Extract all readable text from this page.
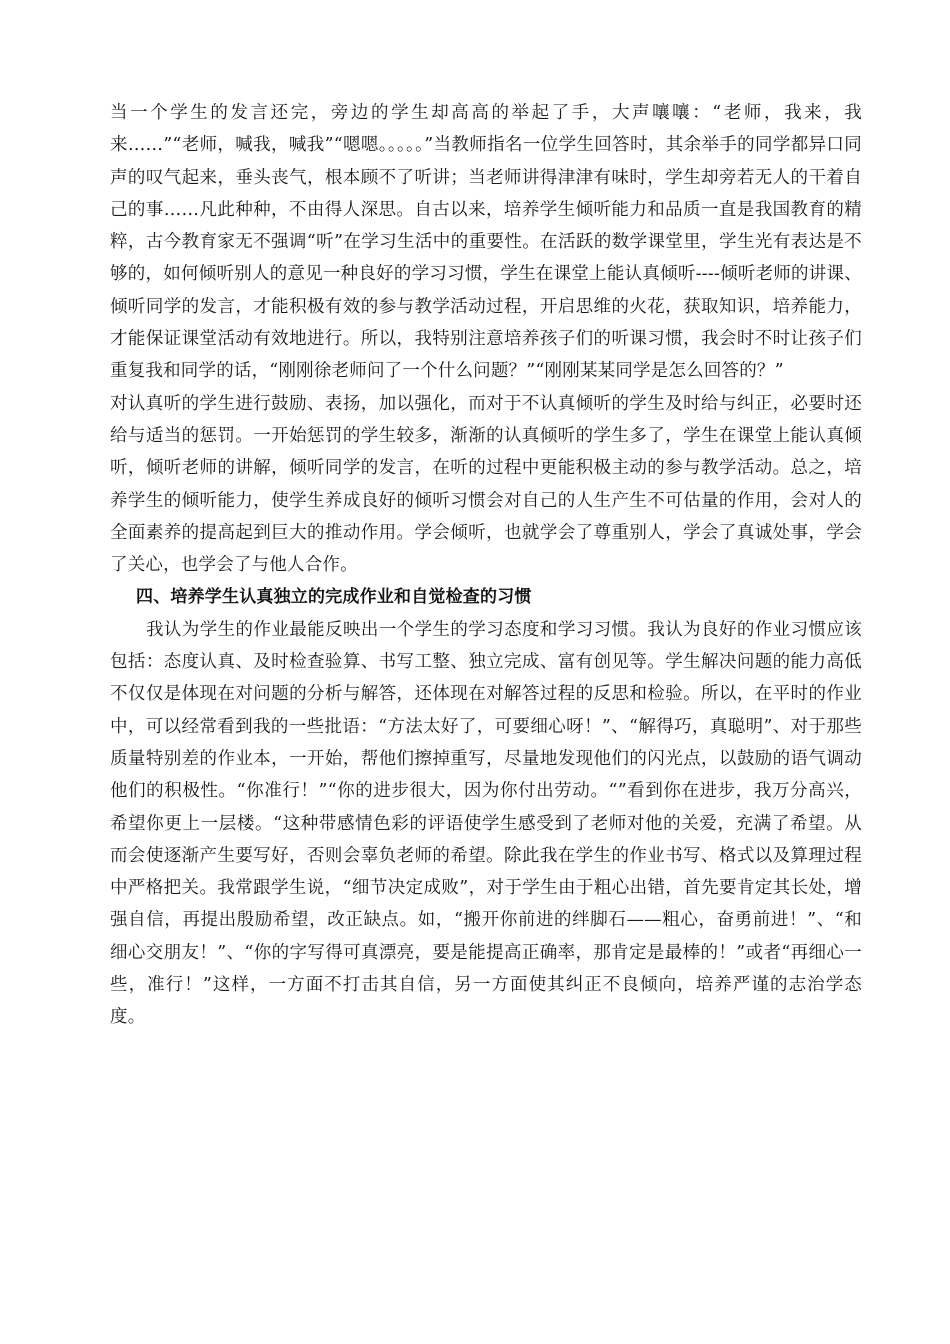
当一个学生的发言还完，旁边的学生却高高的举起了手，大声嚷嚷：“老师，我来，我来……”“老师，喊我，喊我”“嗯嗯。。。。。”当教师指名一位学生回答时，其余举手的同学都异口同声的叹气起来，垂头丧气，根本顾不了听讲；当老师讲得津津有味时，学生却旁若无人的干着自己的事……凡此种种，不由得人深思。自古以来，培养学生倾听能力和品质一直是我国教育的精粹，古今教育家无不强调“听”在学习生活中的重要性。在活跃的数学课堂里，学生光有表达是不够的，如何倾听别人的意见一种良好的学习习惯，学生在课堂上能认真倾听----倾听老师的讲课、倾听同学的发言，才能积极有效的参与教学活动过程，开启思维的火花，获取知识，培养能力，才能保证课堂活动有效地进行。所以，我特别注意培养孩子们的听课习惯，我会时不时让孩子们重复我和同学的话，“刚刚徐老师问了一个什么问题？”“刚刚某某同学是怎么回答的？”

对认真听的学生进行鼓励、表扬，加以强化，而对于不认真倾听的学生及时给与纠正，必要时还给与适当的惩罚。一开始惩罚的学生较多，渐渐的认真倾听的学生多了，学生在课堂上能认真倾听，倾听老师的讲解，倾听同学的发言，在听的过程中更能积极主动的参与教学活动。总之，培养学生的倾听能力，使学生养成良好的倾听习惯会对自己的人生产生不可估量的作用，会对人的全面素养的提高起到巨大的推动作用。学会倾听，也就学会了尊重别人，学会了真诚处事，学会了关心，也学会了与他人合作。

四、培养学生认真独立的完成作业和自觉检查的习惯

我认为学生的作业最能反映出一个学生的学习态度和学习习惯。我认为良好的作业习惯应该包括：态度认真、及时检查验算、书写工整、独立完成、富有创见等。学生解决问题的能力高低不仅仅是体现在对问题的分析与解答，还体现在对解答过程的反思和检验。所以，在平时的作业中，可以经常看到我的一些批语：“方法太好了，可要细心呀！”、“解得巧，真聪明”、对于那些质量特别差的作业本，一开始，帮他们擦掉重写，尽量地发现他们的闪光点，以鼓励的语气调动他们的积极性。“你准行！”“你的进步很大，因为你付出劳动。“”看到你在进步，我万分高兴，希望你更上一层楼。“这种带感情色彩的评语使学生感受到了老师对他的关爱，充满了希望。从而会使逐渐产生要写好，否则会辜负老师的希望。除此我在学生的作业书写、格式以及算理过程中严格把关。我常跟学生说，“细节决定成败”，对于学生由于粗心出错，首先要肯定其长处，增强自信，再提出殷励希望，改正缺点。如，“搬开你前进的绊脚石——粗心，奋勇前进！”、“和细心交朋友！”、“你的字写得可真漂亮，要是能提高正确率，那肯定是最棒的！”或者“再细心一些，准行！”这样，一方面不打击其自信，另一方面使其纠正不良倾向，培养严谨的志治学态度。
